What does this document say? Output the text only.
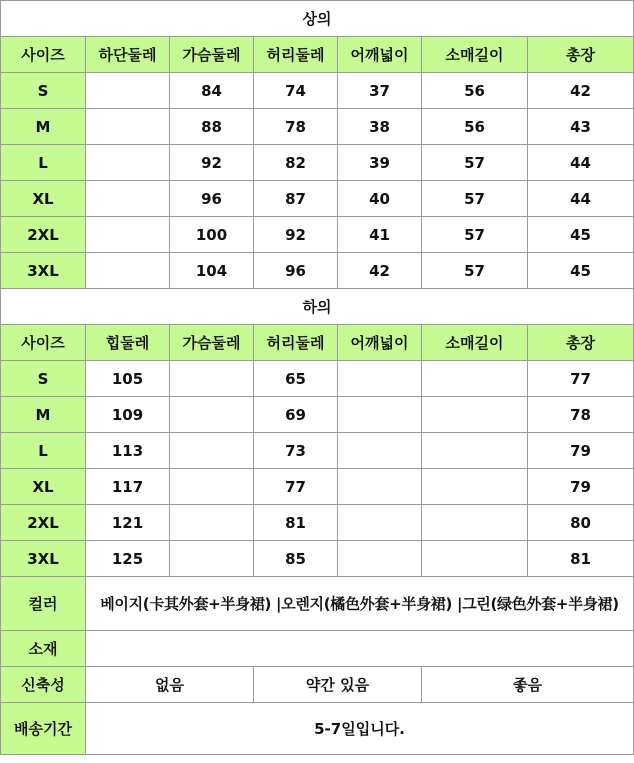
상의						
사이즈	하단둘레	가슴둘레	허리둘레	어깨넓이	소매길이	총장
S		84	74	37	56	42
M		88	78	38	56	43
L		92	82	39	57	44
XL		96	87	40	57	44
2XL		100	92	41	57	45
3XL		104	96	42	57	45
하의						
사이즈	힙둘레	가슴둘레	허리둘레	어깨넓이	소매길이	총장
S	105		65			77
M	109		69			78
L	113		73			79
XL	117		77			79
2XL	121		81			80
3XL	125		85			81
컬러	베이지(卡其外套+半身裙) |오렌지(橘色外套+半身裙) |그린(绿色外套+半身裙)					
소재						
신축성	없음		약간 있음		좋음	
배송기간	5-7일입니다.					
